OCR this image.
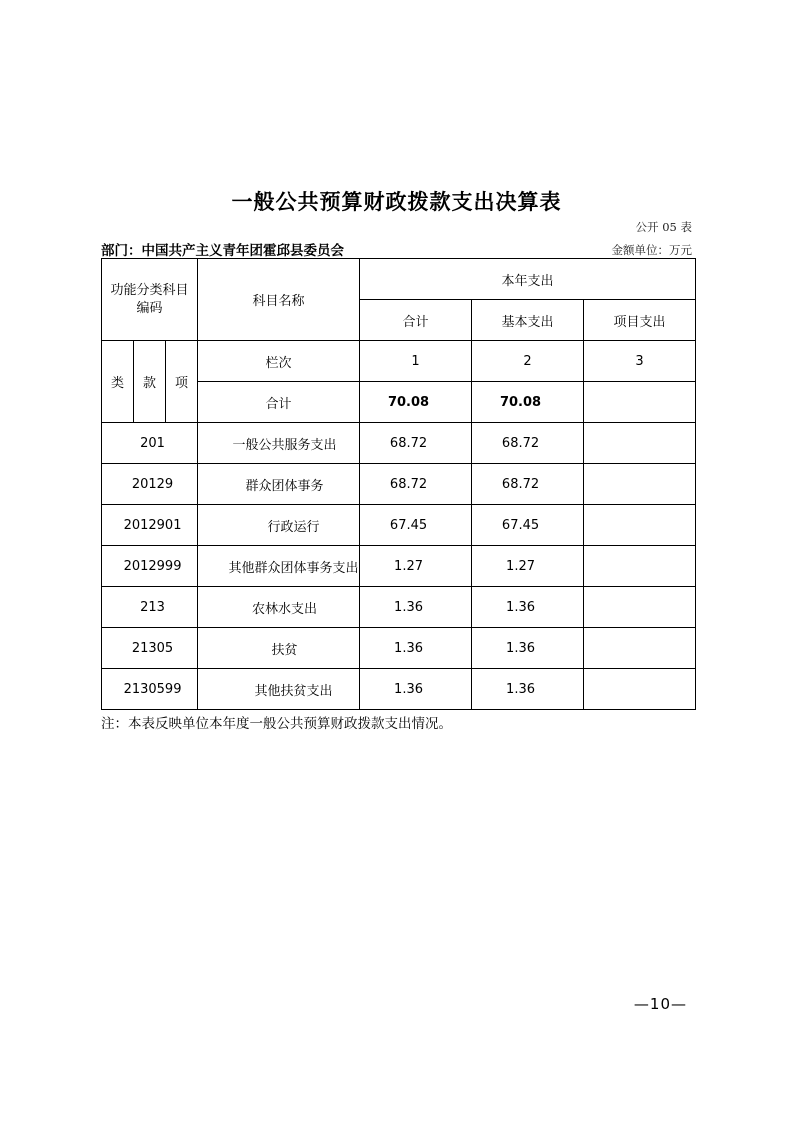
一般公共预算财政拨款支出决算表
公开 05 表
部门：中国共产主义青年团霍邱县委员会	金额单位：万元
功能分类科目
编码			科目名称	本年支出		
				合计	基本支出	项目支出
类	款	项	栏次	1	2	3
			合计	70.08	70.08	
201			一般公共服务支出	68.72	68.72	
20129			群众团体事务	68.72	68.72	
2012901			行政运行	67.45	67.45	
2012999			其他群众团体事务支出	1.27	1.27	
213			农林水支出	1.36	1.36	
21305			扶贫	1.36	1.36	
2130599			其他扶贫支出	1.36	1.36	
注：本表反映单位本年度一般公共预算财政拨款支出情况。
—10—
